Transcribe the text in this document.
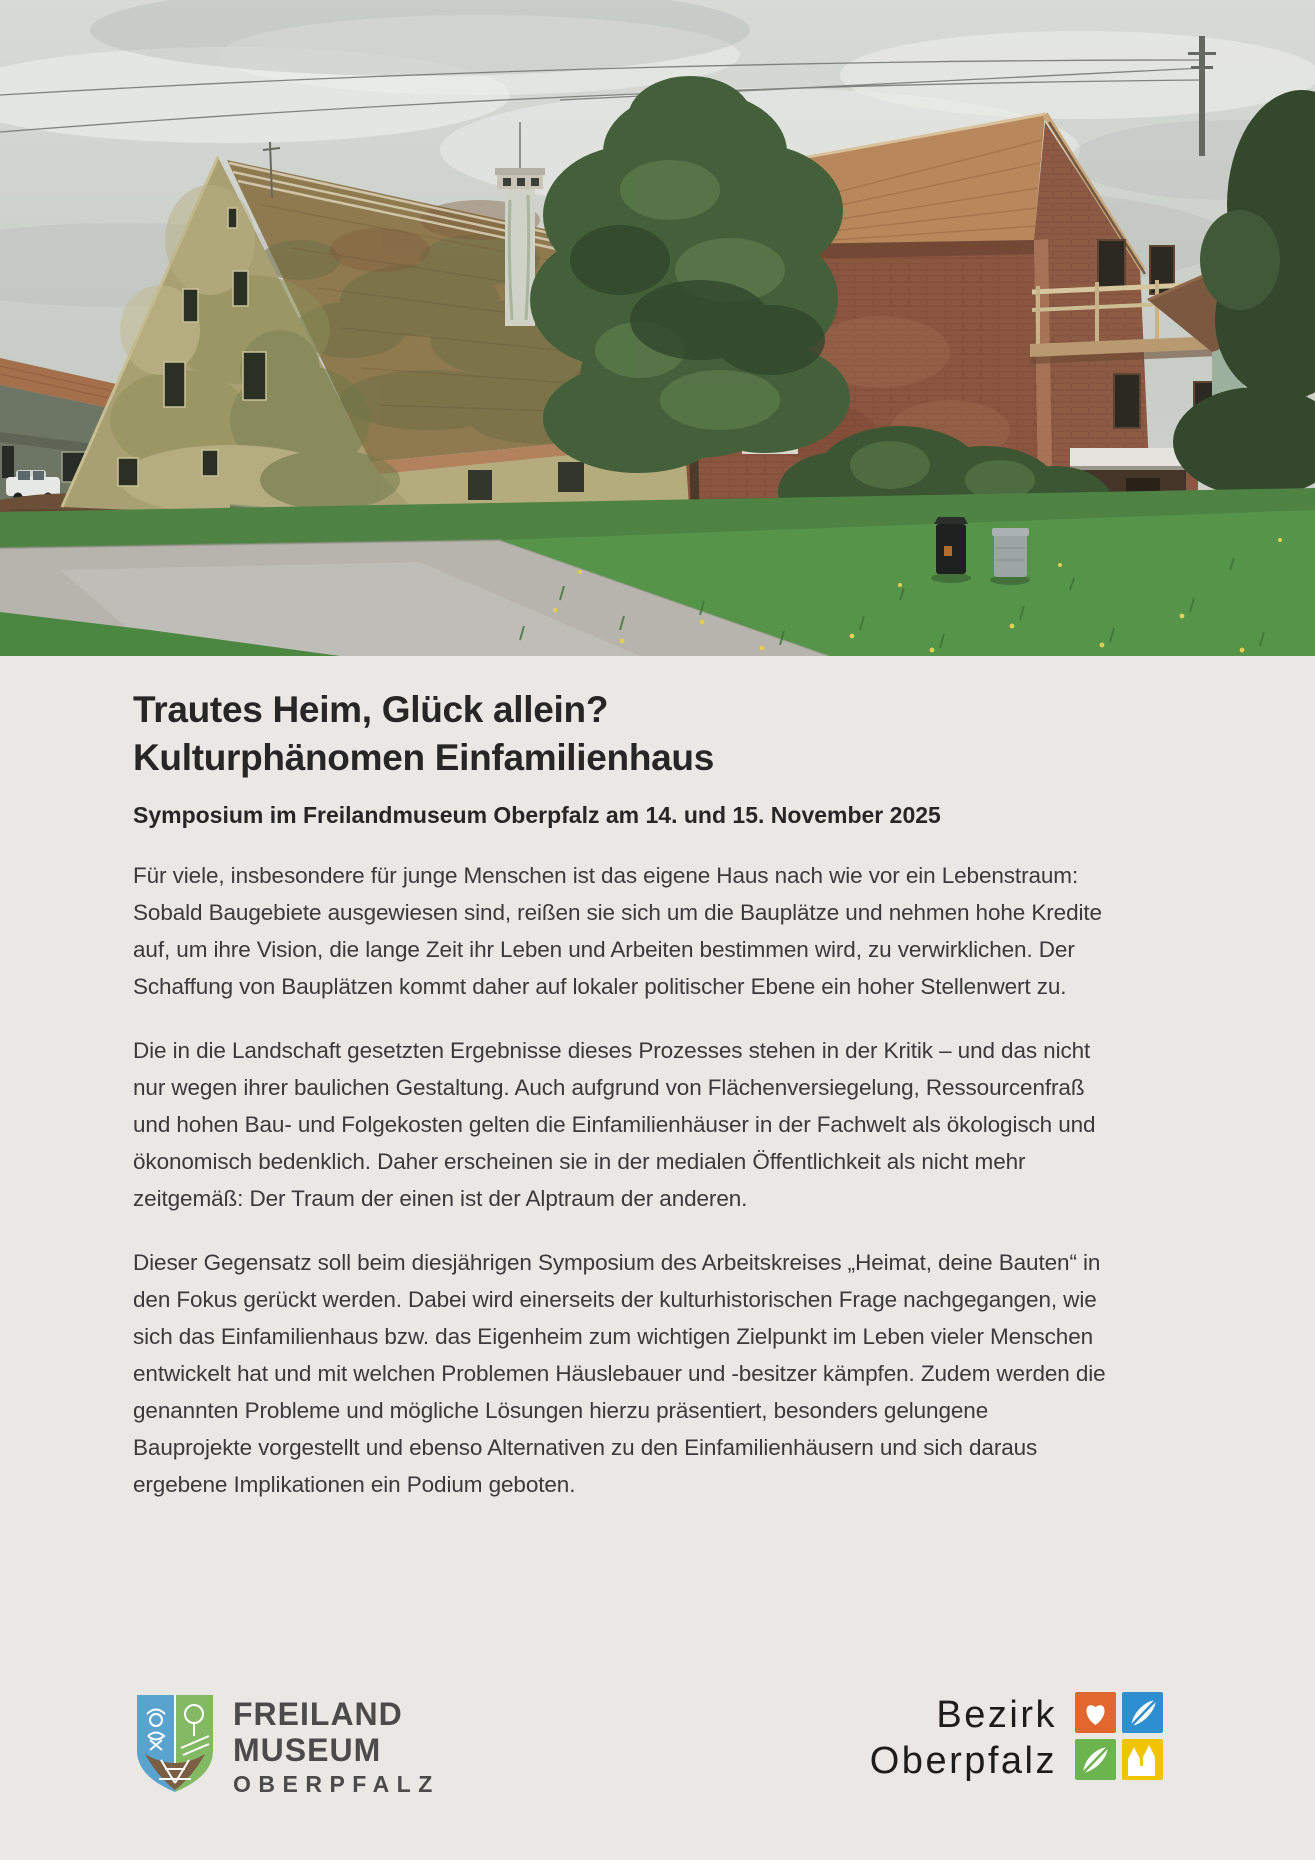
Trautes Heim, Glück allein?
Kulturphänomen Einfamilienhaus

Symposium im Freilandmuseum Oberpfalz am 14. und 15. November 2025

Für viele, insbesondere für junge Menschen ist das eigene Haus nach wie vor ein Lebenstraum: Sobald Baugebiete ausgewiesen sind, reißen sie sich um die Bauplätze und nehmen hohe Kredite auf, um ihre Vision, die lange Zeit ihr Leben und Arbeiten bestimmen wird, zu verwirklichen. Der Schaffung von Bauplätzen kommt daher auf lokaler politischer Ebene ein hoher Stellenwert zu.

Die in die Landschaft gesetzten Ergebnisse dieses Prozesses stehen in der Kritik – und das nicht nur wegen ihrer baulichen Gestaltung. Auch aufgrund von Flächenversiegelung, Ressourcenfraß und hohen Bau- und Folgekosten gelten die Einfamilienhäuser in der Fachwelt als ökologisch und ökonomisch bedenklich. Daher erscheinen sie in der medialen Öffentlichkeit als nicht mehr zeitgemäß: Der Traum der einen ist der Alptraum der anderen.

Dieser Gegensatz soll beim diesjährigen Symposium des Arbeitskreises „Heimat, deine Bauten“ in den Fokus gerückt werden. Dabei wird einerseits der kulturhistorischen Frage nachgegangen, wie sich das Einfamilienhaus bzw. das Eigenheim zum wichtigen Zielpunkt im Leben vieler Menschen entwickelt hat und mit welchen Problemen Häuslebauer und -besitzer kämpfen. Zudem werden die genannten Probleme und mögliche Lösungen hierzu präsentiert, besonders gelungene Bauprojekte vorgestellt und ebenso Alternativen zu den Einfamilienhäusern und sich daraus ergebene Implikationen ein Podium geboten.

FREILAND
MUSEUM
OBERPFALZ
Bezirk
Oberpfalz
